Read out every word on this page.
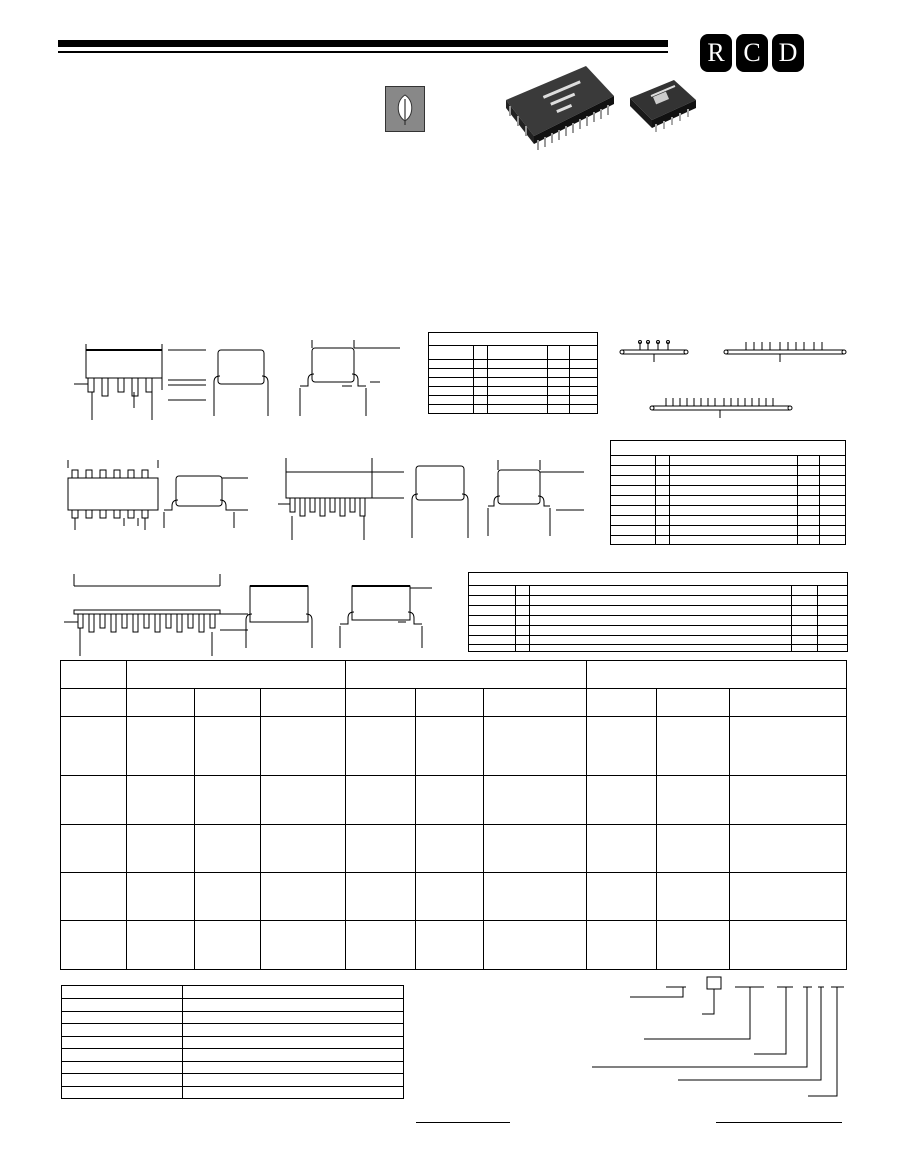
R C D
